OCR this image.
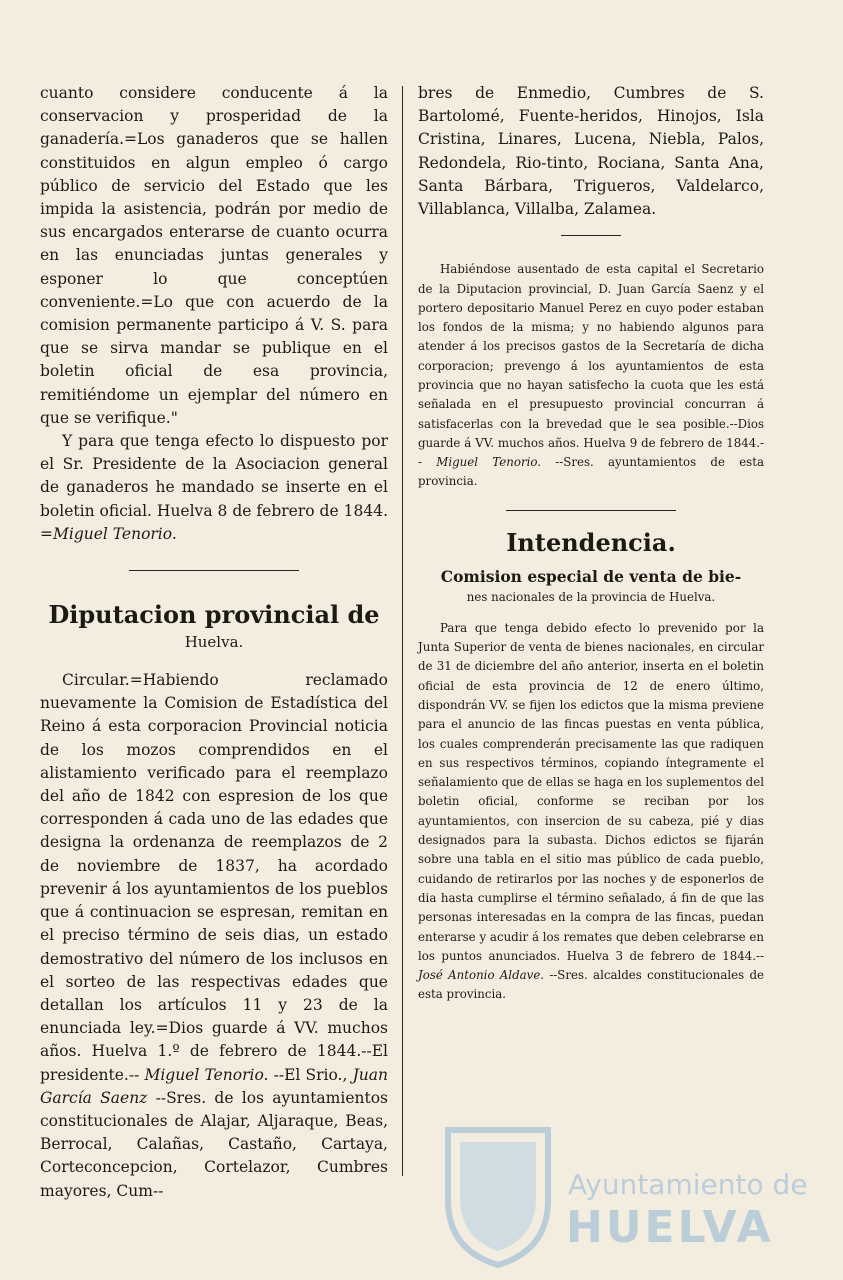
cuanto considere conducente á la conservacion y prosperidad de la ganadería.=Los ganaderos que se hallen constituidos en algun empleo ó cargo público de servicio del Estado que les impida la asistencia, podrán por medio de sus encargados enterarse de cuanto ocurra en las enunciadas juntas generales y esponer lo que conceptúen conveniente.=Lo que con acuerdo de la comision permanente participo á V. S. para que se sirva mandar se publique en el boletin oficial de esa provincia, remitiéndome un ejemplar del número en que se verifique."

Y para que tenga efecto lo dispuesto por el Sr. Presidente de la Asociacion general de ganaderos he mandado se inserte en el boletin oficial. Huelva 8 de febrero de 1844. =Miguel Tenorio.

Diputacion provincial de
Huelva.

Circular.=Habiendo reclamado nuevamente la Comision de Estadística del Reino á esta corporacion Provincial noticia de los mozos comprendidos en el alistamiento verificado para el reemplazo del año de 1842 con espresion de los que corresponden á cada uno de las edades que designa la ordenanza de reemplazos de 2 de noviembre de 1837, ha acordado prevenir á los ayuntamientos de los pueblos que á continuacion se espresan, remitan en el preciso término de seis dias, un estado demostrativo del número de los inclusos en el sorteo de las respectivas edades que detallan los artículos 11 y 23 de la enunciada ley.=Dios guarde á VV. muchos años. Huelva 1.º de febrero de 1844.--El presidente.-- Miguel Tenorio. --El Srio., Juan García Saenz --Sres. de los ayuntamientos constitucionales de Alajar, Aljaraque, Beas, Berrocal, Calañas, Castaño, Cartaya, Corteconcepcion, Cortelazor, Cumbres mayores, Cum--

bres de Enmedio, Cumbres de S. Bartolomé, Fuente-heridos, Hinojos, Isla Cristina, Linares, Lucena, Niebla, Palos, Redondela, Rio-tinto, Rociana, Santa Ana, Santa Bárbara, Trigueros, Valdelarco, Villablanca, Villalba, Zalamea.

Habiéndose ausentado de esta capital el Secretario de la Diputacion provincial, D. Juan García Saenz y el portero depositario Manuel Perez en cuyo poder estaban los fondos de la misma; y no habiendo algunos para atender á los precisos gastos de la Secretaría de dicha corporacion; prevengo á los ayuntamientos de esta provincia que no hayan satisfecho la cuota que les está señalada en el presupuesto provincial concurran á satisfacerlas con la brevedad que le sea posible.--Dios guarde á VV. muchos años. Huelva 9 de febrero de 1844.-- Miguel Tenorio. --Sres. ayuntamientos de esta provincia.

Intendencia.
Comision especial de venta de bie-
nes nacionales de la provincia de Huelva.

Para que tenga debido efecto lo prevenido por la Junta Superior de venta de bienes nacionales, en circular de 31 de diciembre del año anterior, inserta en el boletin oficial de esta provincia de 12 de enero último, dispondrán VV. se fijen los edictos que la misma previene para el anuncio de las fincas puestas en venta pública, los cuales comprenderán precisamente las que radiquen en sus respectivos términos, copiando íntegramente el señalamiento que de ellas se haga en los suplementos del boletin oficial, conforme se reciban por los ayuntamientos, con insercion de su cabeza, pié y dias designados para la subasta. Dichos edictos se fijarán sobre una tabla en el sitio mas público de cada pueblo, cuidando de retirarlos por las noches y de esponerlos de dia hasta cumplirse el término señalado, á fin de que las personas interesadas en la compra de las fincas, puedan enterarse y acudir á los remates que deben celebrarse en los puntos anunciados. Huelva 3 de febrero de 1844.-- José Antonio Aldave. --Sres. alcaldes constitucionales de esta provincia.

Ayuntamiento de
HUELVA
